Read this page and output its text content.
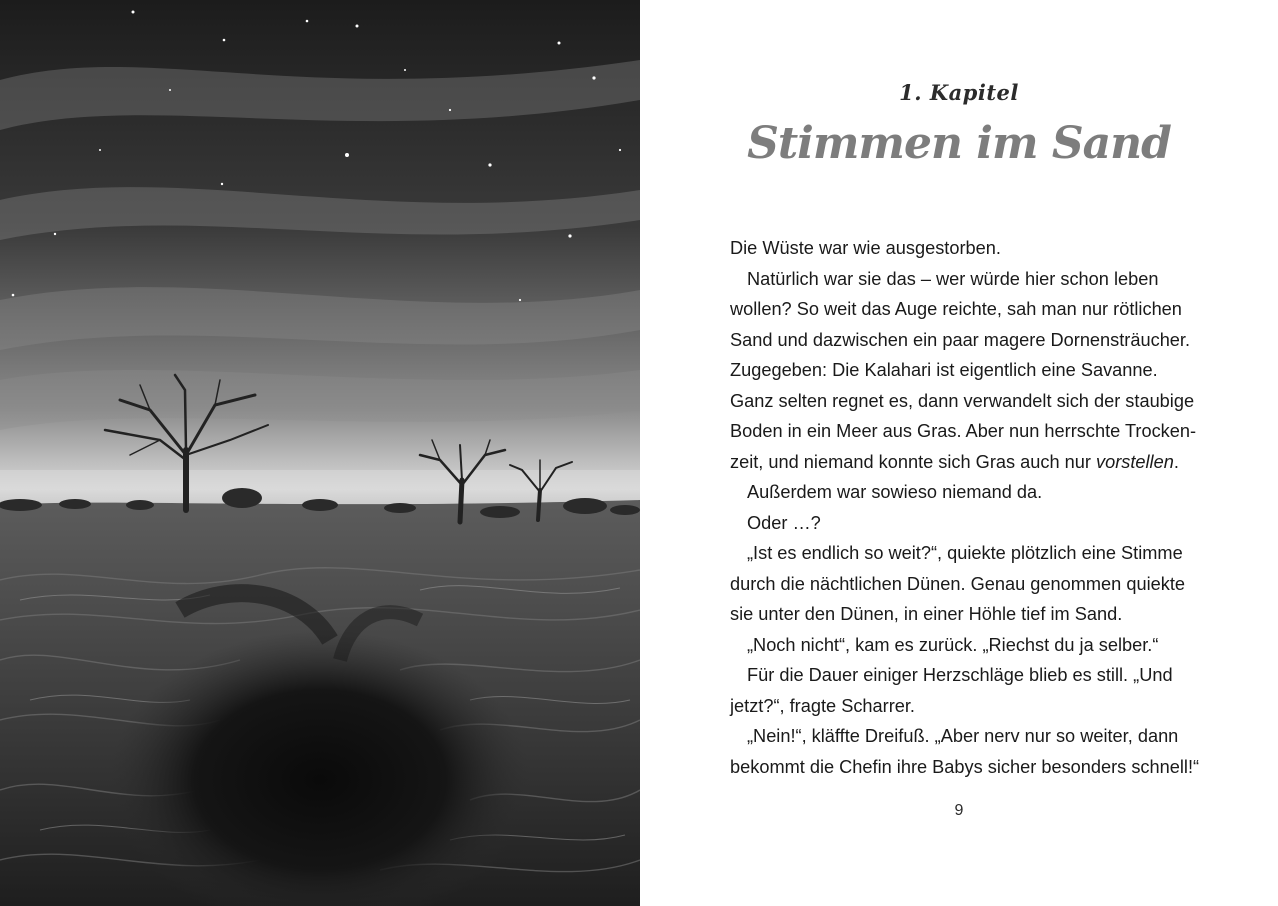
1. Kapitel
Stimmen im Sand
Die Wüste war wie ausgestorben.
Natürlich war sie das – wer würde hier schon leben
wollen? So weit das Auge reichte, sah man nur rötlichen
Sand und dazwischen ein paar magere Dornensträucher.
Zugegeben: Die Kalahari ist eigentlich eine Savanne.
Ganz selten regnet es, dann verwandelt sich der staubige
Boden in ein Meer aus Gras. Aber nun herrschte Trocken-
zeit, und niemand konnte sich Gras auch nur vorstellen.
Außerdem war sowieso niemand da.
Oder …?
„Ist es endlich so weit?“, quiekte plötzlich eine Stimme
durch die nächtlichen Dünen. Genau genommen quiekte
sie unter den Dünen, in einer Höhle tief im Sand.
„Noch nicht“, kam es zurück. „Riechst du ja selber.“
Für die Dauer einiger Herzschläge blieb es still. „Und
jetzt?“, fragte Scharrer.
„Nein!“, kläffte Dreifuß. „Aber nerv nur so weiter, dann
bekommt die Chefin ihre Babys sicher besonders schnell!“
9
